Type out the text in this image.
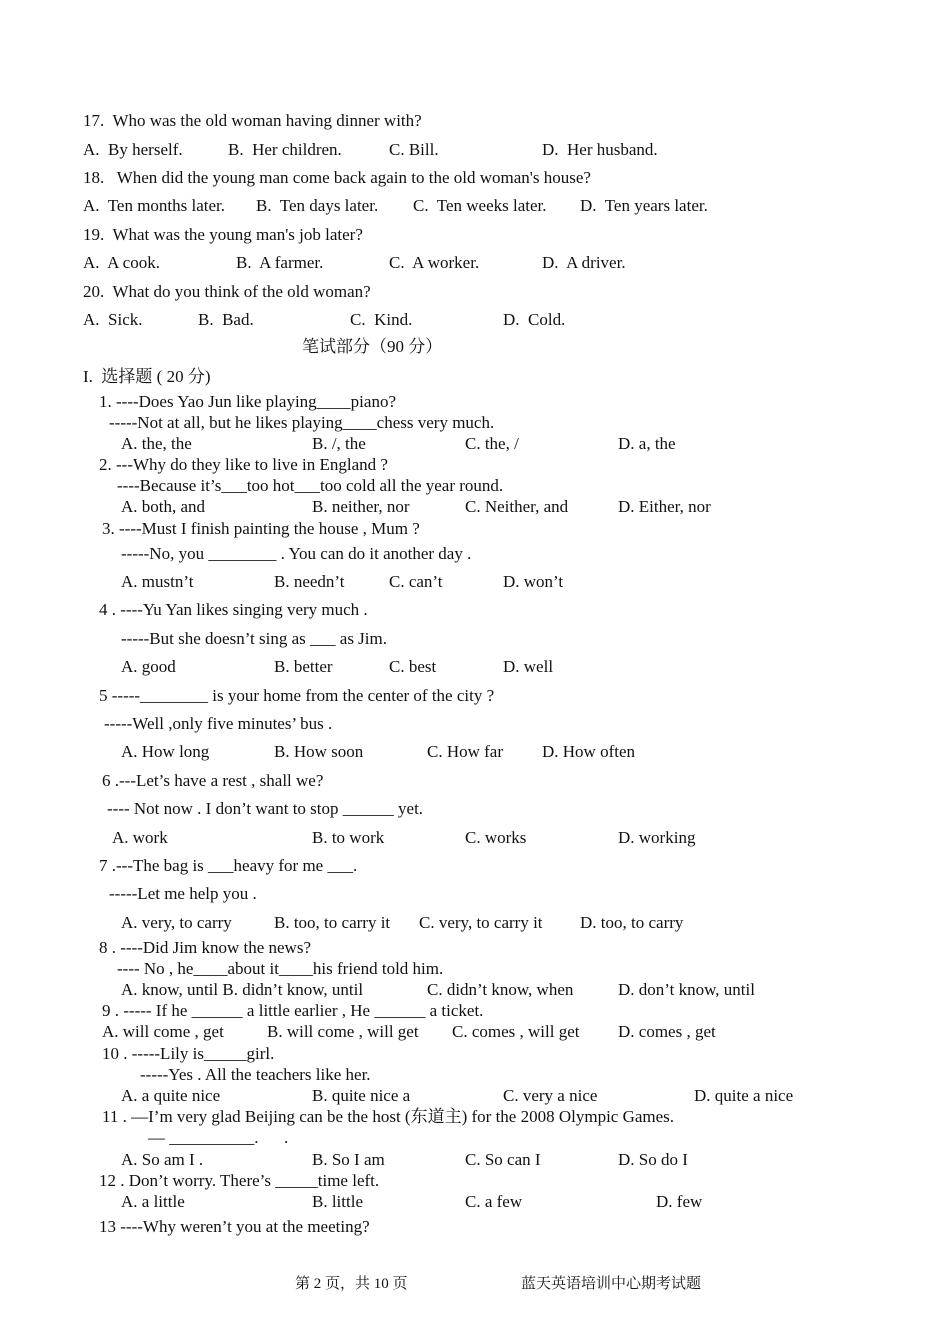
17.  Who was the old woman having dinner with?
A.  By herself.	B.  Her children.	C. Bill.	D.  Her husband.
18.   When did the young man come back again to the old woman's house?
A.  Ten months later. B.  Ten days later. C.  Ten weeks later. D.  Ten years later.
19.  What was the young man's job later?
A.  A cook.	B.  A farmer.	C.  A worker.	D.  A driver.
20.  What do you think of the old woman?
A.  Sick.	B.  Bad.	C.  Kind.	D.  Cold.
笔试部分（90 分）
I.  选择题 ( 20 分)
1. ----Does Yao Jun like playing____piano?
-----Not at all, but he likes playing____chess very much.
A. the, the	B. /, the	C. the, /	D. a, the
2. ---Why do they like to live in England ?
----Because it’s___too hot___too cold all the year round.
A. both, and	B. neither, nor	C. Neither, and	D. Either, nor
3. ----Must I finish painting the house , Mum ?
-----No, you ________ . You can do it another day .
A. mustn’t	B. needn’t	C. can’t	D. won’t
4 . ----Yu Yan likes singing very much .
-----But she doesn’t sing as ___ as Jim.
A. good	B. better	C. best	D. well
5 -----________ is your home from the center of the city ?
-----Well ,only five minutes’ bus .
A. How long	B. How soon	C. How far D. How often
6 .---Let’s have a rest , shall we?
---- Not now . I don’t want to stop ______ yet.
A. work	B. to work	C. works	D. working
7 .---The bag is ___heavy for me ___.
-----Let me help you .
A. very, to carry B. too, to carry it C. very, to carry it D. too, to carry
8 . ----Did Jim know the news?
---- No , he____about it____his friend told him.
A. know, until B. didn’t know, until	C. didn’t know, when	D. don’t know, until
9 . ----- If he ______ a little earlier , He ______ a ticket.
A. will come , get	B. will come , will get C. comes , will get D. comes , get
10 . -----Lily is_____girl.
-----Yes . All the teachers like her.
A. a quite nice	B. quite nice a	C. very a nice	D. quite a nice
11 . —I’m very glad Beijing can be the host (东道主) for the 2008 Olympic Games.
— __________.      .
A. So am I .	B. So I am	C. So can I	D. So do I
12 . Don’t worry. There’s _____time left.
A. a little	B. little	C. a few	D. few
13 ----Why weren’t you at the meeting?
第 2 页，共 10 页	蓝天英语培训中心期考试题
